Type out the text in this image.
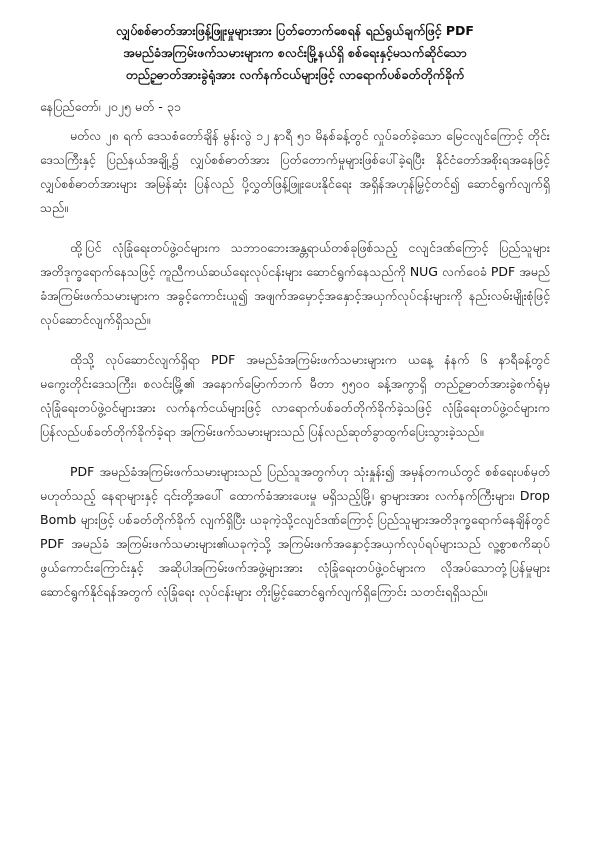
လျှပ်စစ်ဓာတ်အားဖြန့်ဖြူးမှုများအား ပြတ်တောက်စေရန် ရည်ရွယ်ချက်ဖြင့် PDF
အမည်ခံအကြမ်းဖက်သမားများက စလင်းမြို့နယ်ရှိ စစ်ရေးနှင့်မသက်ဆိုင်သော
တည်ဉ့ဓာတ်အားခွဲရုံအား လက်နက်ငယ်များဖြင့် လာရောက်ပစ်ခတ်တိုက်ခိုက်
နေပြည်တော်၊ ၂၀၂၅ မတ် - ၃၁

မတ်လ ၂၈ ရက် ဒေသစံတော်ချိန် မွန်းလွဲ ၁၂ နာရီ ၅၁ မိနစ်ခန့်တွင် လှုပ်ခတ်ခဲ့သော မြေငလျင်ကြောင့် တိုင်းဒေသကြီးနှင့် ပြည်နယ်အချို့၌ လျှပ်စစ်ဓာတ်အား ပြတ်တောက်မှုများဖြစ်ပေါ်ခဲ့ရပြီး နိုင်ငံတော်အစိုးရအနေဖြင့် လျှပ်စစ်ဓာတ်အားများ အမြန်ဆုံး ပြန်လည် ပို့လွှတ်ဖြန့်ဖြူးပေးနိုင်ရေး အရှိန်အဟုန်မြှင့်တင်၍ ဆောင်ရွက်လျက်ရှိသည်။

ထို့ပြင် လုံခြုံရေးတပ်ဖွဲ့ဝင်များက သဘာဝဘေးအန္တရာယ်တစ်ခုဖြစ်သည့် ငလျင်ဒဏ်ကြောင့် ပြည်သူများအတိဒုက္ခရောက်နေသဖြင့် ကူညီကယ်ဆယ်ရေးလုပ်ငန်းများ ဆောင်ရွက်နေသည်ကို NUG လက်ဝေခံ PDF အမည်ခံအကြမ်းဖက်သမားများက အခွင့်ကောင်းယူ၍ အဖျက်အမှောင့်အနှောင့်အယှက်လုပ်ငန်းများကို နည်းလမ်းမျိုးစုံဖြင့် လုပ်ဆောင်လျက်ရှိသည်။

ထိုသို့ လုပ်ဆောင်လျက်ရှိရာ PDF အမည်ခံအကြမ်းဖက်သမားများက ယနေ့ နံနက် ၆ နာရီခန့်တွင် မကွေးတိုင်းဒေသကြီး၊ စလင်းမြို့၏ အနောက်မြောက်ဘက် မီတာ ၅၅၀၀ ခန့်အကွာရှိ တည်ဉ့ဓာတ်အားခွဲစက်ရုံမှ လုံခြုံရေးတပ်ဖွဲ့ဝင်များအား လက်နက်ငယ်များဖြင့် လာရောက်ပစ်ခတ်တိုက်ခိုက်ခဲ့သဖြင့် လုံခြုံရေးတပ်ဖွဲ့ဝင်များက ပြန်လည်ပစ်ခတ်တိုက်ခိုက်ခဲ့ရာ အကြမ်းဖက်သမားများသည် ပြန်လည်ဆုတ်ခွာထွက်ပြေးသွားခဲ့သည်။

PDF အမည်ခံအကြမ်းဖက်သမားများသည် ပြည်သူအတွက်ဟု သုံးနှုန်း၍ အမှန်တကယ်တွင် စစ်ရေးပစ်မှတ်မဟုတ်သည့် နေရာများနှင့် ၎င်းတို့အပေါ် ထောက်ခံအားပေးမှု မရှိသည့်မြို့၊ ရွာများအား လက်နက်ကြီးများ၊ Drop Bomb များဖြင့် ပစ်ခတ်တိုက်ခိုက် လျက်ရှိပြီး ယခုကဲ့သို့ငလျင်ဒဏ်ကြောင့် ပြည်သူများအတိဒုက္ခရောက်နေချိန်တွင် PDF အမည်ခံ အကြမ်းဖက်သမားများ၏ယခုကဲ့သို့ အကြမ်းဖက်အနှောင့်အယှက်လုပ်ရပ်များသည် လူ့စွာစကိဆုပ်ဖွယ်ကောင်းကြောင်းနှင့် အဆိုပါအကြမ်းဖက်အဖွဲ့များအား လုံခြုံရေးတပ်ဖွဲ့ဝင်များက လိုအပ်သောတုံ့ပြန်မှုများ ဆောင်ရွက်နိုင်ရန်အတွက် လုံခြုံရေး လုပ်ငန်းများ တိုးမြှင့်ဆောင်ရွက်လျက်ရှိကြောင်း သတင်းရရှိသည်။
